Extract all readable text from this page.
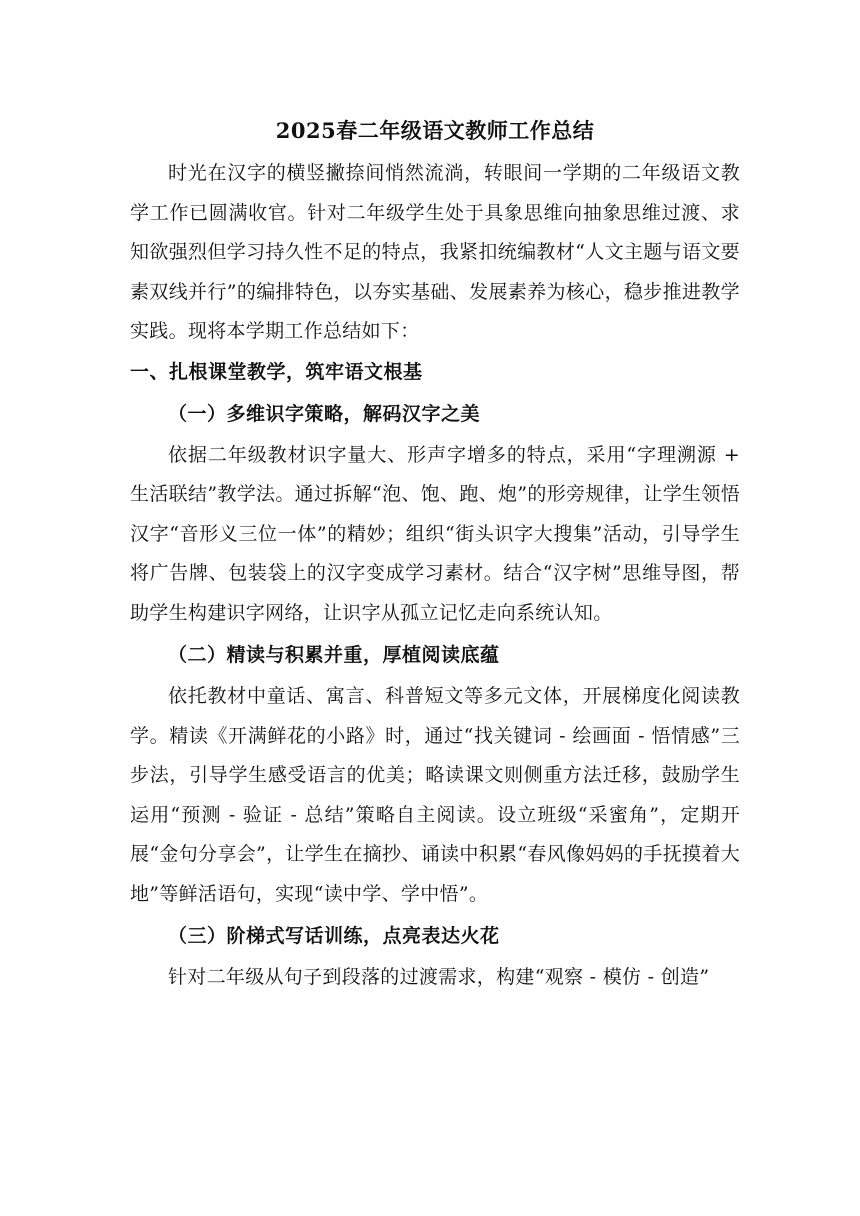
2025春二年级语文教师工作总结

时光在汉字的横竖撇捺间悄然流淌，转眼间一学期的二年级语文教学工作已圆满收官。针对二年级学生处于具象思维向抽象思维过渡、求知欲强烈但学习持久性不足的特点，我紧扣统编教材“人文主题与语文要素双线并行”的编排特色，以夯实基础、发展素养为核心，稳步推进教学实践。现将本学期工作总结如下：

一、扎根课堂教学，筑牢语文根基
（一）多维识字策略，解码汉字之美

依据二年级教材识字量大、形声字增多的特点，采用“字理溯源 + 生活联结”教学法。通过拆解“泡、饱、跑、炮”的形旁规律，让学生领悟汉字“音形义三位一体”的精妙；组织“街头识字大搜集”活动，引导学生将广告牌、包装袋上的汉字变成学习素材。结合“汉字树”思维导图，帮助学生构建识字网络，让识字从孤立记忆走向系统认知。

（二）精读与积累并重，厚植阅读底蕴

依托教材中童话、寓言、科普短文等多元文体，开展梯度化阅读教学。精读《开满鲜花的小路》时，通过“找关键词 - 绘画面 - 悟情感”三步法，引导学生感受语言的优美；略读课文则侧重方法迁移，鼓励学生运用“预测 - 验证 - 总结”策略自主阅读。设立班级“采蜜角”，定期开展“金句分享会”，让学生在摘抄、诵读中积累“春风像妈妈的手抚摸着大地”等鲜活语句，实现“读中学、学中悟”。

（三）阶梯式写话训练，点亮表达火花

针对二年级从句子到段落的过渡需求，构建“观察 - 模仿 - 创造”
